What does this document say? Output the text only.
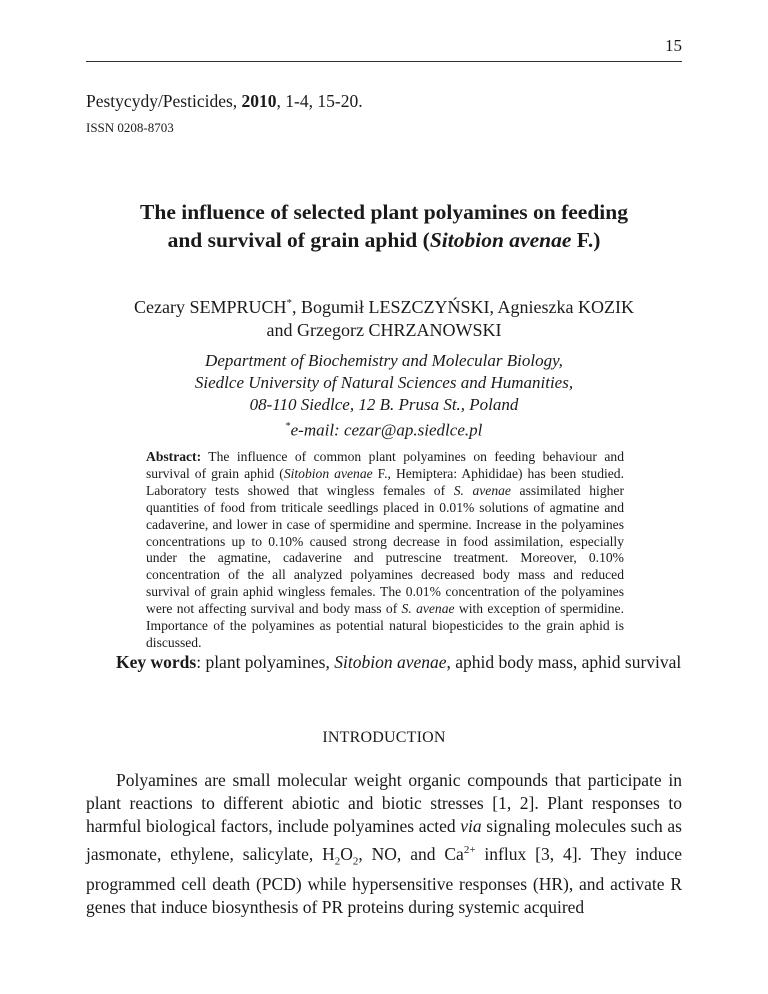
15
Pestycydy/Pesticides, 2010, 1-4, 15-20.
ISSN 0208-8703
The influence of selected plant polyamines on feeding
and survival of grain aphid (Sitobion avenae F.)
Cezary SEMPRUCH*, Bogumił LESZCZYŃSKI, Agnieszka KOZIK
and Grzegorz CHRZANOWSKI
Department of Biochemistry and Molecular Biology,
Siedlce University of Natural Sciences and Humanities,
08-110 Siedlce, 12 B. Prusa St., Poland
*e-mail: cezar@ap.siedlce.pl
Abstract: The influence of common plant polyamines on feeding behaviour and survival of grain aphid (Sitobion avenae F., Hemiptera: Aphididae) has been studied. Laboratory tests showed that wingless females of S. avenae assimilated higher quantities of food from triticale seedlings placed in 0.01% solutions of agmatine and cadaverine, and lower in case of spermidine and spermine. Increase in the polyamines concentrations up to 0.10% caused strong decrease in food assimilation, especially under the agmatine, cadaverine and putrescine treatment. Moreover, 0.10% concentration of the all analyzed polyamines decreased body mass and reduced survival of grain aphid wingless females. The 0.01% concentration of the polyamines were not affecting survival and body mass of S. avenae with exception of spermidine. Importance of the polyamines as potential natural biopesticides to the grain aphid is discussed.
Key words: plant polyamines, Sitobion avenae, aphid body mass, aphid survival
INTRODUCTION
Polyamines are small molecular weight organic compounds that participate in plant reactions to different abiotic and biotic stresses [1, 2]. Plant responses to harmful biological factors, include polyamines acted via signaling molecules such as jasmonate, ethylene, salicylate, $H_2O_2$, NO, and $Ca^{2+}$ influx [3, 4]. They induce programmed cell death (PCD) while hypersensitive responses (HR), and activate R genes that induce biosynthesis of PR proteins during systemic acquired
